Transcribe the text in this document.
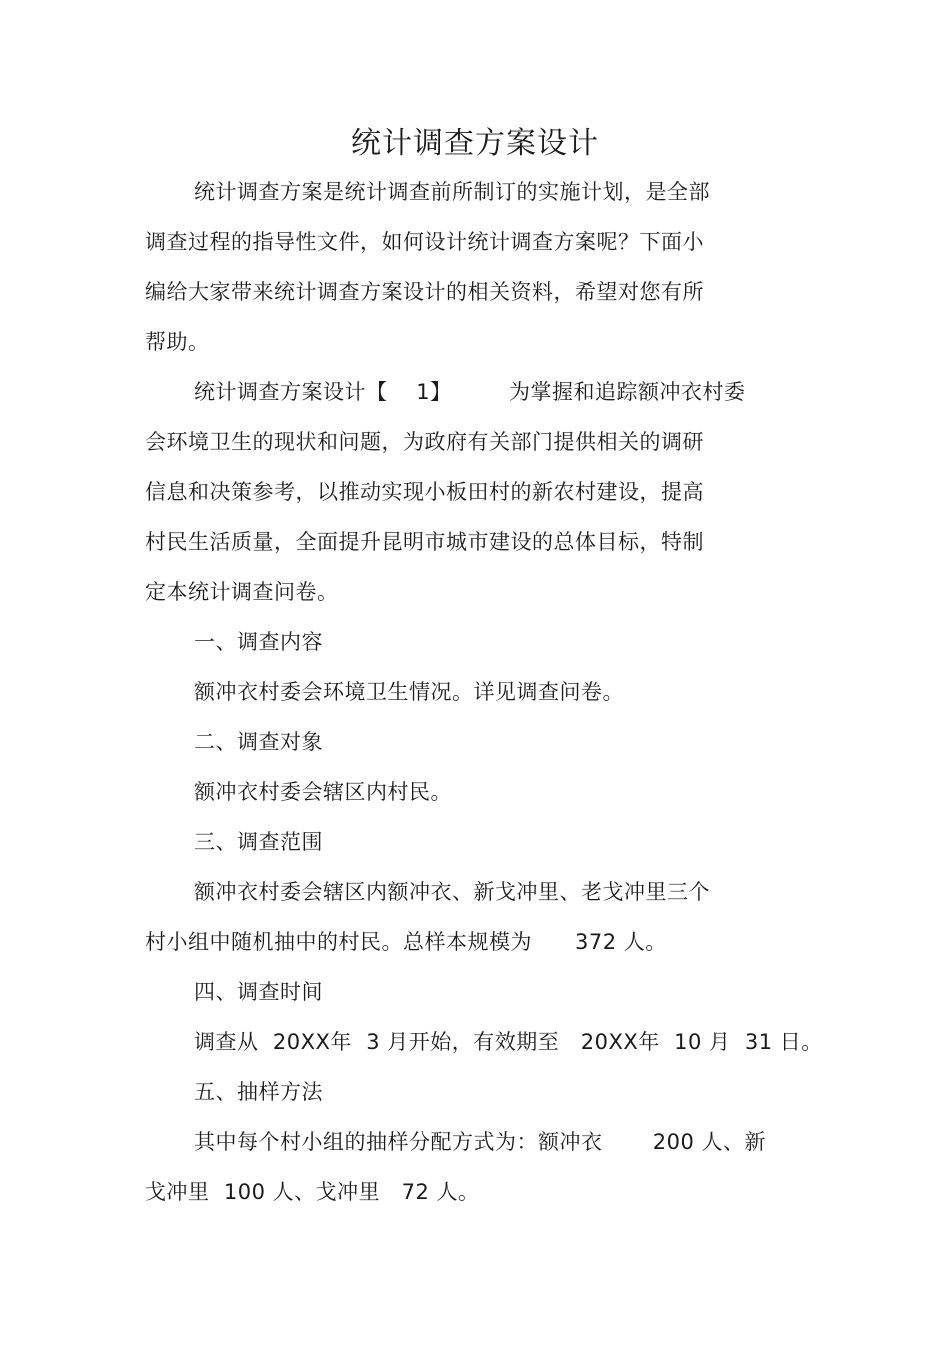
统计调查方案设计
统计调查方案是统计调查前所制订的实施计划，是全部
调查过程的指导性文件，如何设计统计调查方案呢？下面小
编给大家带来统计调查方案设计的相关资料，希望对您有所
帮助。
统计调查方案设计【    1】        为掌握和追踪额冲衣村委
会环境卫生的现状和问题，为政府有关部门提供相关的调研
信息和决策参考，以推动实现小板田村的新农村建设，提高
村民生活质量，全面提升昆明市城市建设的总体目标，特制
定本统计调查问卷。
一、调查内容
额冲衣村委会环境卫生情况。详见调查问卷。
二、调查对象
额冲衣村委会辖区内村民。
三、调查范围
额冲衣村委会辖区内额冲衣、新戈冲里、老戈冲里三个
村小组中随机抽中的村民。总样本规模为      372 人。
四、调查时间
调查从  20XX年  3 月开始，有效期至   20XX年  10 月  31 日。
五、抽样方法
其中每个村小组的抽样分配方式为：额冲衣       200 人、新
戈冲里  100 人、戈冲里   72 人。
